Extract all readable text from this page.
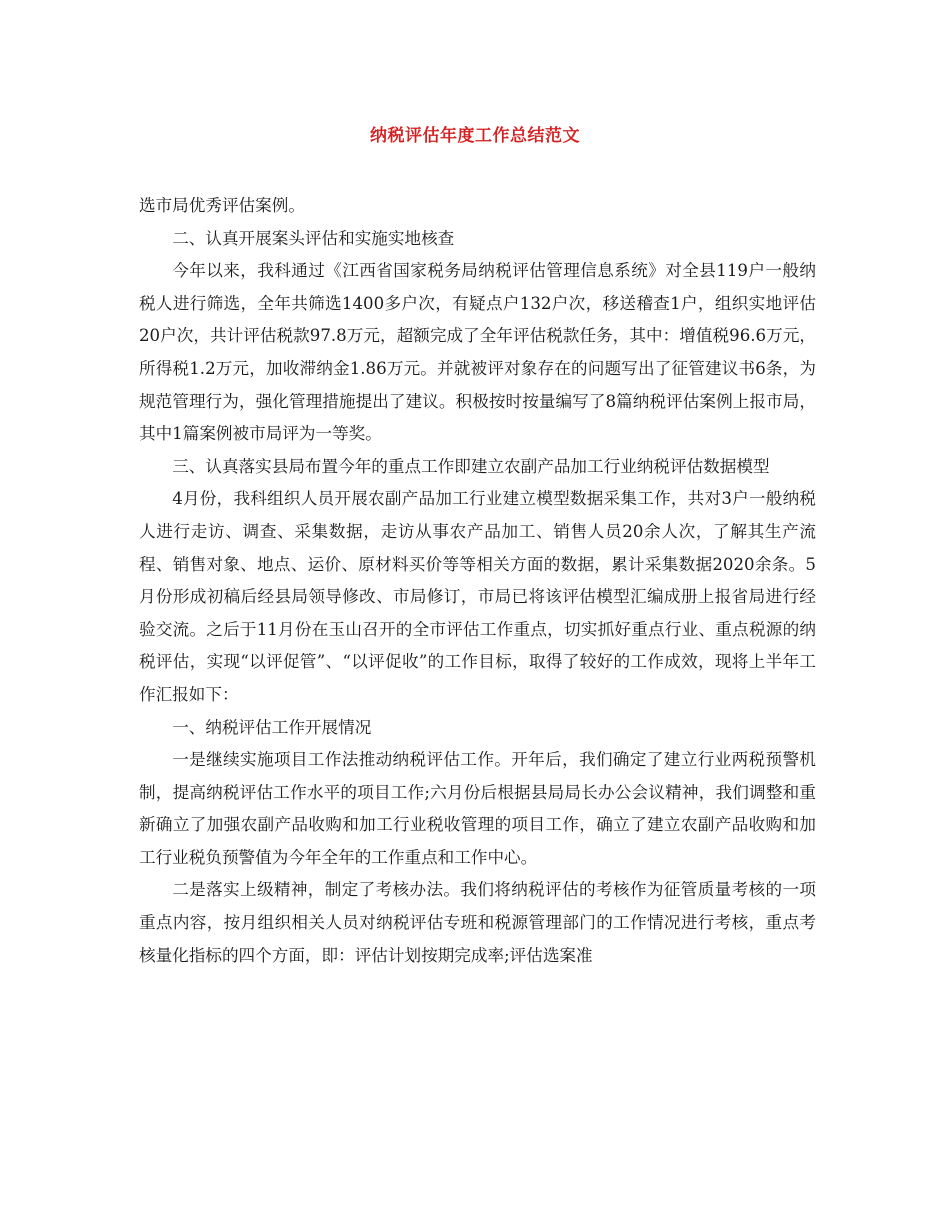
纳税评估年度工作总结范文

选市局优秀评估案例。

二、认真开展案头评估和实施实地核查

今年以来，我科通过《江西省国家税务局纳税评估管理信息系统》对全县119户一般纳税人进行筛选，全年共筛选1400多户次，有疑点户132户次，移送稽查1户，组织实地评估20户次，共计评估税款97.8万元，超额完成了全年评估税款任务，其中：增值税96.6万元，所得税1.2万元，加收滞纳金1.86万元。并就被评对象存在的问题写出了征管建议书6条，为规范管理行为，强化管理措施提出了建议。积极按时按量编写了8篇纳税评估案例上报市局，其中1篇案例被市局评为一等奖。

三、认真落实县局布置今年的重点工作即建立农副产品加工行业纳税评估数据模型

4月份，我科组织人员开展农副产品加工行业建立模型数据采集工作，共对3户一般纳税人进行走访、调查、采集数据，走访从事农产品加工、销售人员20余人次，了解其生产流程、销售对象、地点、运价、原材料买价等等相关方面的数据，累计采集数据2020余条。5月份形成初稿后经县局领导修改、市局修订，市局已将该评估模型汇编成册上报省局进行经验交流。之后于11月份在玉山召开的全市评估工作重点，切实抓好重点行业、重点税源的纳税评估，实现“以评促管”、“以评促收”的工作目标，取得了较好的工作成效，现将上半年工作汇报如下：

一、纳税评估工作开展情况

一是继续实施项目工作法推动纳税评估工作。开年后，我们确定了建立行业两税预警机制，提高纳税评估工作水平的项目工作;六月份后根据县局局长办公会议精神，我们调整和重新确立了加强农副产品收购和加工行业税收管理的项目工作，确立了建立农副产品收购和加工行业税负预警值为今年全年的工作重点和工作中心。

二是落实上级精神，制定了考核办法。我们将纳税评估的考核作为征管质量考核的一项重点内容，按月组织相关人员对纳税评估专班和税源管理部门的工作情况进行考核，重点考核量化指标的四个方面，即：评估计划按期完成率;评估选案准
